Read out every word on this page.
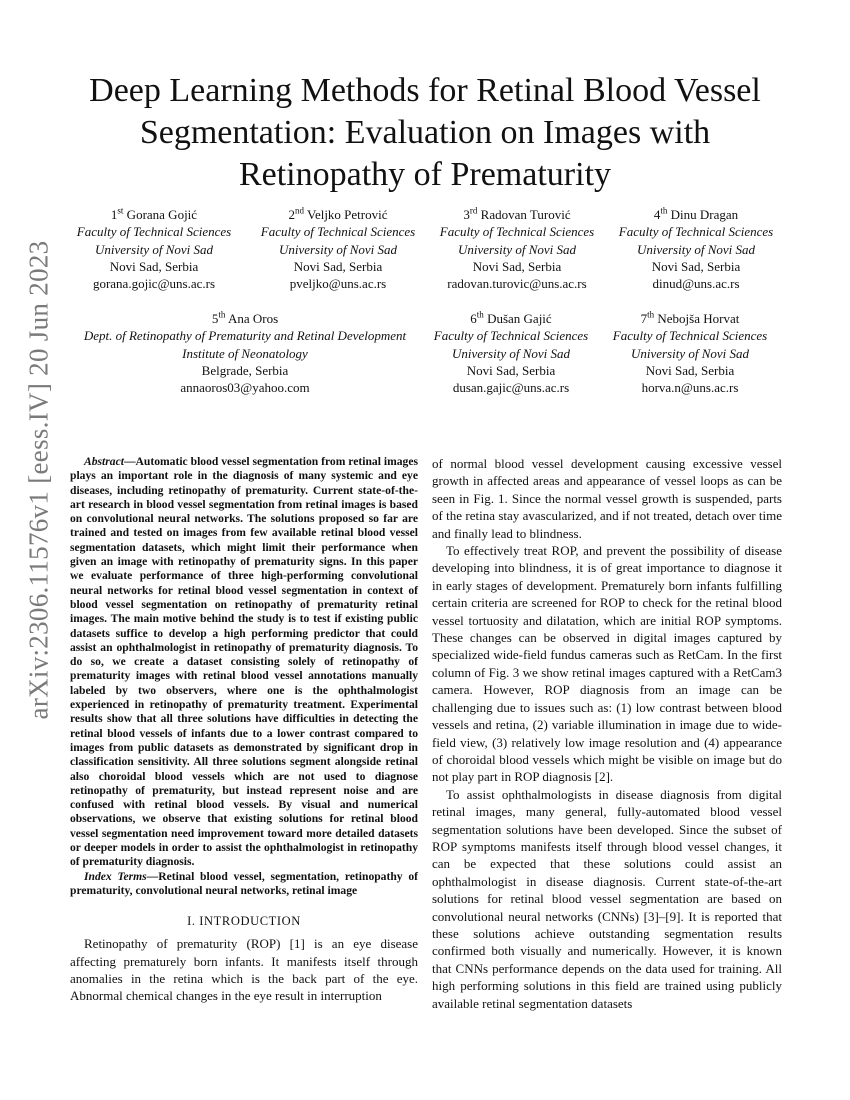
arXiv:2306.11576v1 [eess.IV] 20 Jun 2023
Deep Learning Methods for Retinal Blood Vessel Segmentation: Evaluation on Images with Retinopathy of Prematurity
1st Gorana Gojić
Faculty of Technical Sciences
University of Novi Sad
Novi Sad, Serbia
gorana.gojic@uns.ac.rs
2nd Veljko Petrović
Faculty of Technical Sciences
University of Novi Sad
Novi Sad, Serbia
pveljko@uns.ac.rs
3rd Radovan Turović
Faculty of Technical Sciences
University of Novi Sad
Novi Sad, Serbia
radovan.turovic@uns.ac.rs
4th Dinu Dragan
Faculty of Technical Sciences
University of Novi Sad
Novi Sad, Serbia
dinud@uns.ac.rs
5th Ana Oros
Dept. of Retinopathy of Prematurity and Retinal Development
Institute of Neonatology
Belgrade, Serbia
annaoros03@yahoo.com
6th Dušan Gajić
Faculty of Technical Sciences
University of Novi Sad
Novi Sad, Serbia
dusan.gajic@uns.ac.rs
7th Nebojša Horvat
Faculty of Technical Sciences
University of Novi Sad
Novi Sad, Serbia
horva.n@uns.ac.rs

Abstract—Automatic blood vessel segmentation from retinal images plays an important role in the diagnosis of many systemic and eye diseases, including retinopathy of prematurity. Current state-of-the-art research in blood vessel segmentation from retinal images is based on convolutional neural networks. The solutions proposed so far are trained and tested on images from few available retinal blood vessel segmentation datasets, which might limit their performance when given an image with retinopathy of prematurity signs. In this paper we evaluate performance of three high-performing convolutional neural networks for retinal blood vessel segmentation in context of blood vessel segmentation on retinopathy of prematurity retinal images. The main motive behind the study is to test if existing public datasets suffice to develop a high performing predictor that could assist an ophthalmologist in retinopathy of prematurity diagnosis. To do so, we create a dataset consisting solely of retinopathy of prematurity images with retinal blood vessel annotations manually labeled by two observers, where one is the ophthalmologist experienced in retinopathy of prematurity treatment. Experimental results show that all three solutions have difficulties in detecting the retinal blood vessels of infants due to a lower contrast compared to images from public datasets as demonstrated by significant drop in classification sensitivity. All three solutions segment alongside retinal also choroidal blood vessels which are not used to diagnose retinopathy of prematurity, but instead represent noise and are confused with retinal blood vessels. By visual and numerical observations, we observe that existing solutions for retinal blood vessel segmentation need improvement toward more detailed datasets or deeper models in order to assist the ophthalmologist in retinopathy of prematurity diagnosis.

Index Terms—Retinal blood vessel, segmentation, retinopathy of prematurity, convolutional neural networks, retinal image

I. INTRODUCTION

Retinopathy of prematurity (ROP) [1] is an eye disease affecting prematurely born infants. It manifests itself through anomalies in the retina which is the back part of the eye. Abnormal chemical changes in the eye result in interruption

of normal blood vessel development causing excessive vessel growth in affected areas and appearance of vessel loops as can be seen in Fig. 1. Since the normal vessel growth is suspended, parts of the retina stay avascularized, and if not treated, detach over time and finally lead to blindness.

To effectively treat ROP, and prevent the possibility of disease developing into blindness, it is of great importance to diagnose it in early stages of development. Prematurely born infants fulfilling certain criteria are screened for ROP to check for the retinal blood vessel tortuosity and dilatation, which are initial ROP symptoms. These changes can be observed in digital images captured by specialized wide-field fundus cameras such as RetCam. In the first column of Fig. 3 we show retinal images captured with a RetCam3 camera. However, ROP diagnosis from an image can be challenging due to issues such as: (1) low contrast between blood vessels and retina, (2) variable illumination in image due to wide-field view, (3) relatively low image resolution and (4) appearance of choroidal blood vessels which might be visible on image but do not play part in ROP diagnosis [2].

To assist ophthalmologists in disease diagnosis from digital retinal images, many general, fully-automated blood vessel segmentation solutions have been developed. Since the subset of ROP symptoms manifests itself through blood vessel changes, it can be expected that these solutions could assist an ophthalmologist in disease diagnosis. Current state-of-the-art solutions for retinal blood vessel segmentation are based on convolutional neural networks (CNNs) [3]–[9]. It is reported that these solutions achieve outstanding segmentation results confirmed both visually and numerically. However, it is known that CNNs performance depends on the data used for training. All high performing solutions in this field are trained using publicly available retinal segmentation datasets
